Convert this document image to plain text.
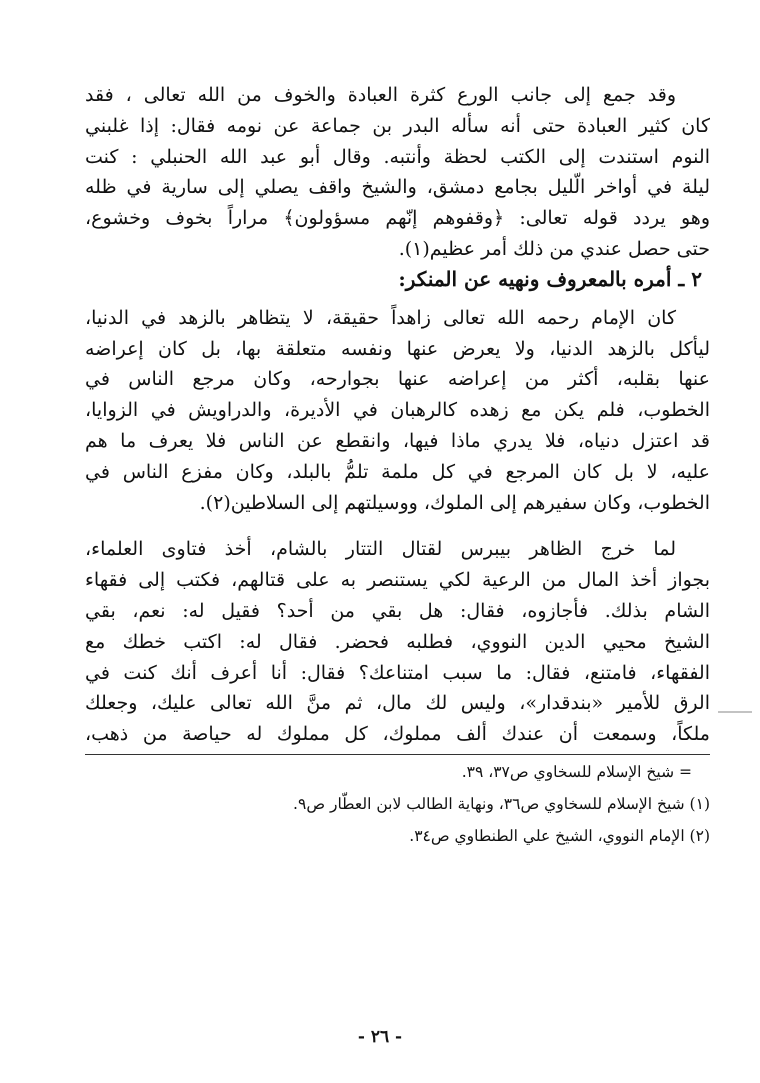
وقد جمع إلى جانب الورع كثرة العبادة والخوف من الله تعالى ، فقد
كان كثير العبادة حتى أنه سأله البدر بن جماعة عن نومه فقال: إذا غلبني
النوم استندت إلى الكتب لحظة وأنتبه. وقال أبو عبد الله الحنبلي : كنت
ليلة في أواخر الّليل بجامع دمشق، والشيخ واقف يصلي إلى سارية في ظله
وهو يردد قوله تعالى: ﴿وقفوهم إنّهم مسؤولون﴾ مراراً بخوف وخشوع،
حتى حصل عندي من ذلك أمر عظيم(١).
٢ ـ أمره بالمعروف ونهيه عن المنكر:
كان الإمام رحمه الله تعالى زاهداً حقيقة، لا يتظاهر بالزهد في الدنيا،
ليأكل بالزهد الدنيا، ولا يعرض عنها ونفسه متعلقة بها، بل كان إعراضه
عنها بقلبه، أكثر من إعراضه عنها بجوارحه، وكان مرجع الناس في
الخطوب، فلم يكن مع زهده كالرهبان في الأديرة، والدراويش في الزوايا،
قد اعتزل دنياه، فلا يدري ماذا فيها، وانقطع عن الناس فلا يعرف ما هم
عليه، لا بل كان المرجع في كل ملمة تلمُّ بالبلد، وكان مفزع الناس في
الخطوب، وكان سفيرهم إلى الملوك، ووسيلتهم إلى السلاطين(٢).
لما خرج الظاهر بيبرس لقتال التتار بالشام، أخذ فتاوى العلماء،
بجواز أخذ المال من الرعية لكي يستنصر به على قتالهم، فكتب إلى فقهاء
الشام بذلك. فأجازوه، فقال: هل بقي من أحد؟ فقيل له: نعم، بقي
الشيخ محيي الدين النووي، فطلبه فحضر. فقال له: اكتب خطك مع
الفقهاء، فامتنع، فقال: ما سبب امتناعك؟ فقال: أنا أعرف أنك كنت في
الرق للأمير «بندقدار»، وليس لك مال، ثم منَّ الله تعالى عليك، وجعلك
ملكاً، وسمعت أن عندك ألف مملوك، كل مملوك له حياصة من ذهب،
= شيخ الإسلام للسخاوي ص٣٧، ٣٩.
(١) شيخ الإسلام للسخاوي ص٣٦، ونهاية الطالب لابن العطّار ص٩.
(٢) الإمام النووي، الشيخ علي الطنطاوي ص٣٤.
- ٢٦ -
